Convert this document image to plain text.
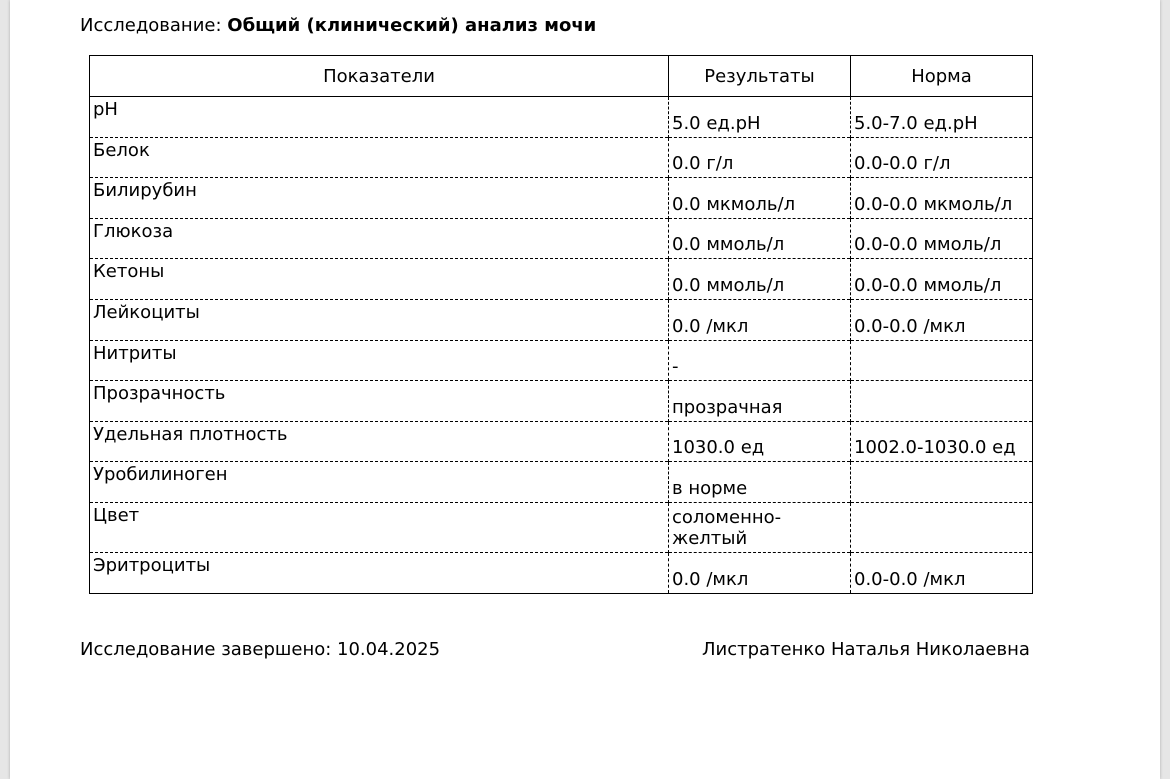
Исследование: Общий (клинический) анализ мочи
Показатели	Результаты	Норма
pH	5.0 ед.pH	5.0-7.0 ед.pH
Белок	0.0 г/л	0.0-0.0 г/л
Билирубин	0.0 мкмоль/л	0.0-0.0 мкмоль/л
Глюкоза	0.0 ммоль/л	0.0-0.0 ммоль/л
Кетоны	0.0 ммоль/л	0.0-0.0 ммоль/л
Лейкоциты	0.0 /мкл	0.0-0.0 /мкл
Нитриты	-	
Прозрачность	прозрачная	
Удельная плотность	1030.0 ед	1002.0-1030.0 ед
Уробилиноген	в норме	
Цвет	соломенно-
желтый	

Эритроциты	0.0 /мкл	0.0-0.0 /мкл
Исследование завершено: 10.04.2025	Листратенко Наталья Николаевна
